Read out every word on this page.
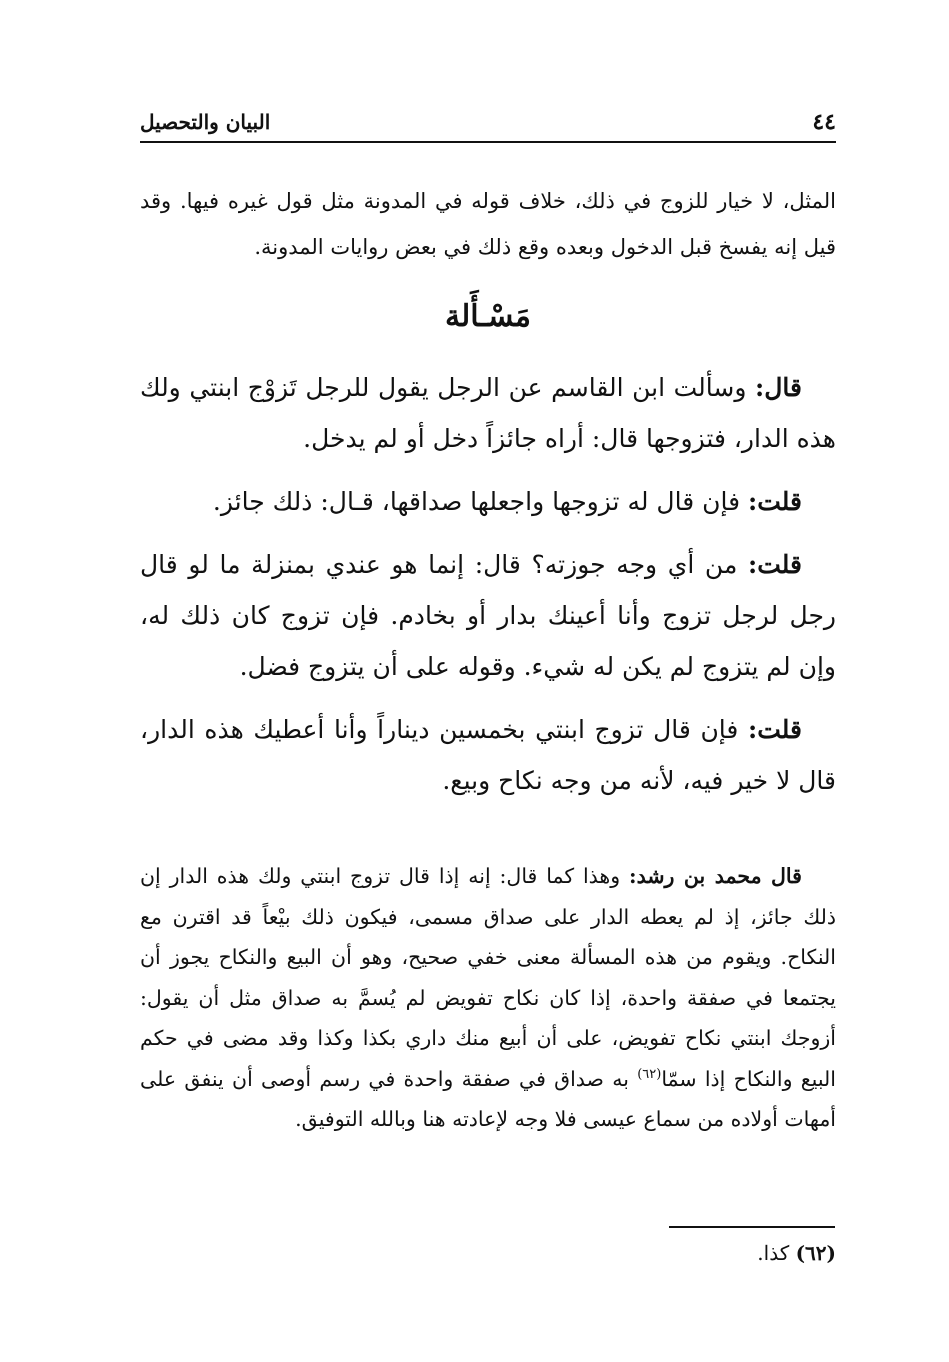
٤٤
البيان والتحصيل
المثل، لا خيار للزوج في ذلك، خلاف قوله في المدونة مثل قول غيره فيها. وقد قيل إنه يفسخ قبل الدخول وبعده وقع ذلك في بعض روايات المدونة.
مَسْـأَلة

قال: وسألت ابن القاسم عن الرجل يقول للرجل تَزوْج ابنتي ولك هذه الدار، فتزوجها قال: أراه جائزاً دخل أو لم يدخل.

قلت: فإن قال له تزوجها واجعلها صداقها، قـال: ذلك جائز.

قلت: من أي وجه جوزته؟ قال: إنما هو عندي بمنزلة ما لو قال رجل لرجل تزوج وأنا أعينك بدار أو بخادم. فإن تزوج كان ذلك له، وإن لم يتزوج لم يكن له شيء. وقوله على أن يتزوج فضل.

قلت: فإن قال تزوج ابنتي بخمسين ديناراً وأنا أعطيك هذه الدار، قال لا خير فيه، لأنه من وجه نكاح وبيع.

قال محمد بن رشد: وهذا كما قال: إنه إذا قال تزوج ابنتي ولك هذه الدار إن ذلك جائز، إذ لم يعطه الدار على صداق مسمى، فيكون ذلك بيْعاً قد اقترن مع النكاح. ويقوم من هذه المسألة معنى خفي صحيح، وهو أن البيع والنكاح يجوز أن يجتمعا في صفقة واحدة، إذا كان نكاح تفويض لم يُسمَّ به صداق مثل أن يقول: أزوجك ابنتي نكاح تفويض، على أن أبيع منك داري بكذا وكذا وقد مضى في حكم البيع والنكاح إذا سمّا$^{(٦٢)}$ به صداق في صفقة واحدة في رسم أوصى أن ينفق على أمهات أولاده من سماع عيسى فلا وجه لإعادته هنا وبالله التوفيق.

(٦٢) كذا.
